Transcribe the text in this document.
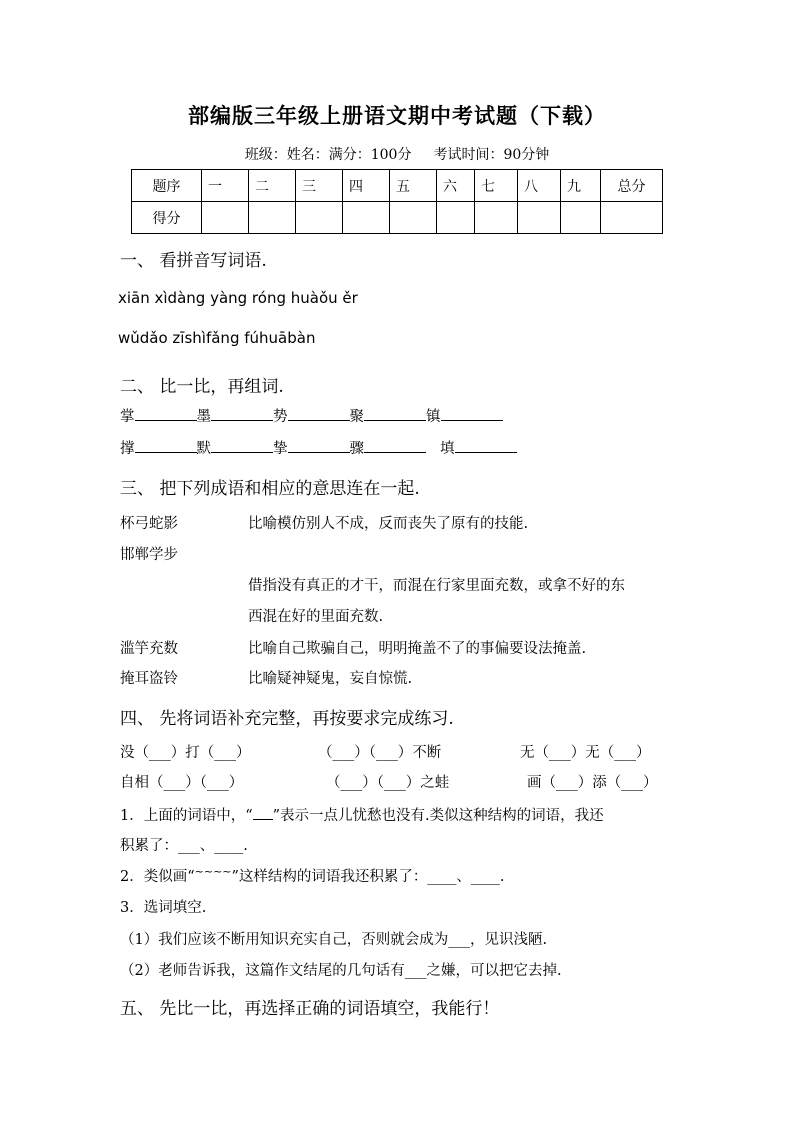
部编版三年级上册语文期中考试题（下载）
班级：姓名：满分：100分 考试时间：90分钟
题序	一	二	三	四	五	六	七	八	九	总分
得分										
一、 看拼音写词语.
xiān xìdàng yàng róng huàǒu ěr
wǔdǎo zīshìfǎng fúhuābàn
二、 比一比，再组词.
掌	墨	势	聚	镇
撑	默	挚	骤	填
三、 把下列成语和相应的意思连在一起.
杯弓蛇影	比喻模仿别人不成，反而丧失了原有的技能.
邯郸学步
借指没有真正的才干，而混在行家里面充数，或拿不好的东
西混在好的里面充数.
滥竽充数	比喻自己欺骗自己，明明掩盖不了的事偏要设法掩盖.
掩耳盗铃	比喻疑神疑鬼，妄自惊慌.
四、 先将词语补充完整，再按要求完成练习.
没（___）打（___）	（___）（___）不断	无（___）无（___）
自相（___）（___）	（___）（___）之蛙	画（___）添（___）
1．上面的词语中，“ ”表示一点儿忧愁也没有.类似这种结构的词语，我还
积累了：___、____.
2．类似画“~~~~”这样结构的词语我还积累了：____、____.
3．选词填空.
（1）我们应该不断用知识充实自己，否则就会成为___，见识浅陋.
（2）老师告诉我，这篇作文结尾的几句话有___之嫌，可以把它去掉.
五、 先比一比，再选择正确的词语填空，我能行！
